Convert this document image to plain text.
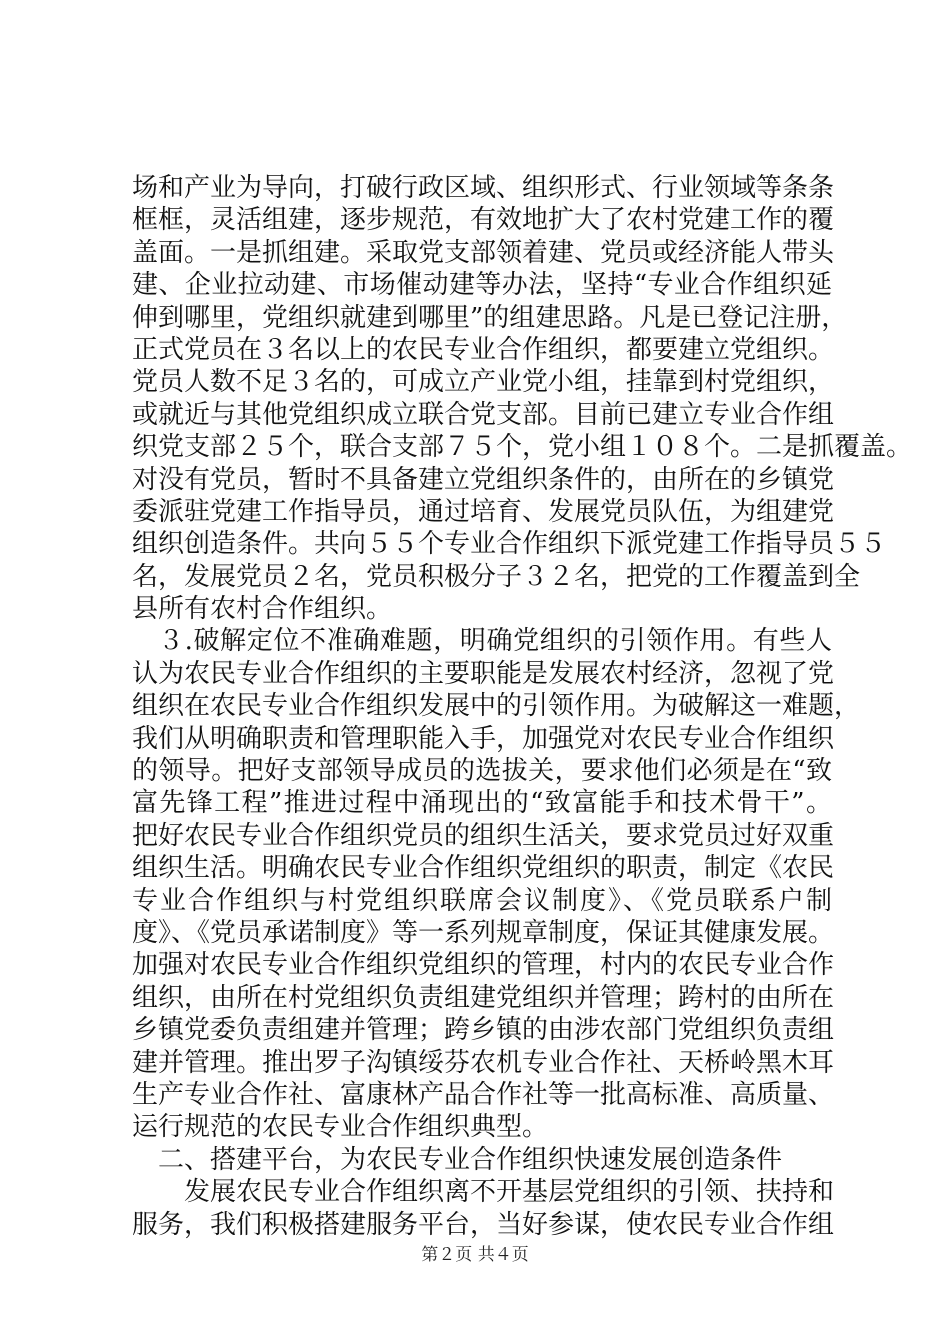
场和产业为导向，打破行政区域、组织形式、行业领域等条条
框框，灵活组建，逐步规范，有效地扩大了农村党建工作的覆
盖面。一是抓组建。采取党支部领着建、党员或经济能人带头
建、企业拉动建、市场催动建等办法，坚持“专业合作组织延
伸到哪里，党组织就建到哪里”的组建思路。凡是已登记注册，
正式党员在３名以上的农民专业合作组织，都要建立党组织。
党员人数不足３名的，可成立产业党小组，挂靠到村党组织，
或就近与其他党组织成立联合党支部。目前已建立专业合作组
织党支部２５个，联合支部７５个，党小组１０８个。二是抓覆盖。
对没有党员，暂时不具备建立党组织条件的，由所在的乡镇党
委派驻党建工作指导员，通过培育、发展党员队伍，为组建党
组织创造条件。共向５５个专业合作组织下派党建工作指导员５５
名，发展党员２名，党员积极分子３２名，把党的工作覆盖到全
县所有农村合作组织。
３.破解定位不准确难题，明确党组织的引领作用。有些人
认为农民专业合作组织的主要职能是发展农村经济，忽视了党
组织在农民专业合作组织发展中的引领作用。为破解这一难题，
我们从明确职责和管理职能入手，加强党对农民专业合作组织
的领导。把好支部领导成员的选拔关，要求他们必须是在“致
富先锋工程”推进过程中涌现出的“致富能手和技术骨干”。
把好农民专业合作组织党员的组织生活关，要求党员过好双重
组织生活。明确农民专业合作组织党组织的职责，制定《农民
专业合作组织与村党组织联席会议制度》、《党员联系户制
度》、《党员承诺制度》等一系列规章制度，保证其健康发展。
加强对农民专业合作组织党组织的管理，村内的农民专业合作
组织，由所在村党组织负责组建党组织并管理；跨村的由所在
乡镇党委负责组建并管理；跨乡镇的由涉农部门党组织负责组
建并管理。推出罗子沟镇绥芬农机专业合作社、天桥岭黑木耳
生产专业合作社、富康林产品合作社等一批高标准、高质量、
运行规范的农民专业合作组织典型。
二、搭建平台，为农民专业合作组织快速发展创造条件
发展农民专业合作组织离不开基层党组织的引领、扶持和
服务，我们积极搭建服务平台，当好参谋，使农民专业合作组
第２页 共４页
